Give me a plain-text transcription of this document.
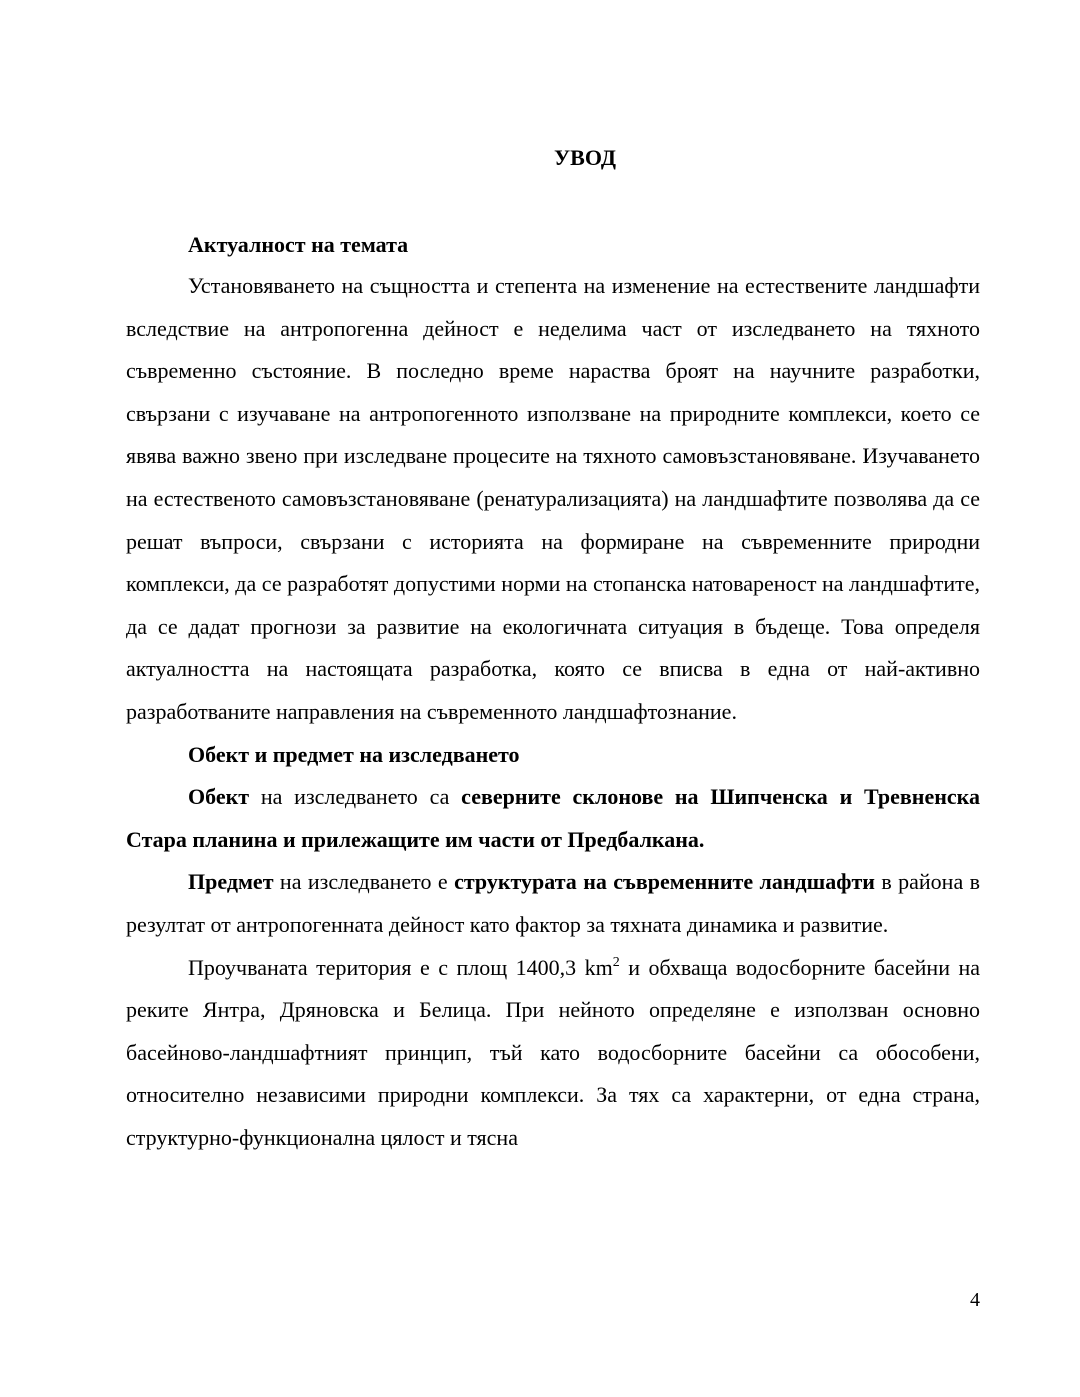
УВОД

Актуалност на темата

Установяването на същността и степента на изменение на естествените ландшафти вследствие на антропогенна дейност е неделима част от изследването на тяхното съвременно състояние. В последно време нараства броят на научните разработки, свързани с изучаване на антропогенното използване на природните комплекси, което се явява важно звено при изследване процесите на тяхното самовъзстановяване. Изучаването на естественото самовъзстановяване (ренатурализацията) на ландшафтите позволява да се решат въпроси, свързани с историята на формиране на съвременните природни комплекси, да се разработят допустими норми на стопанска натовареност на ландшафтите, да се дадат прогнози за развитие на екологичната ситуация в бъдеще. Това определя актуалността на настоящата разработка, която се вписва в една от най-активно разработваните направления на съвременното ландшафтознание.

Обект и предмет на изследването

Обект на изследването са северните склонове на Шипченска и Тревненска Стара планина и прилежащите им части от Предбалкана.

Предмет на изследването е структурата на съвременните ландшафти в района в резултат от антропогенната дейност като фактор за тяхната динамика и развитие.

Проучваната територия е с площ 1400,3 $km^2$ и обхваща водосборните басейни на реките Янтра, Дряновска и Белица. При нейното определяне е използван основно басейново-ландшафтният принцип, тъй като водосборните басейни са обособени, относително независими природни комплекси. За тях са характерни, от една страна, структурно-функционална цялост и тясна

4
